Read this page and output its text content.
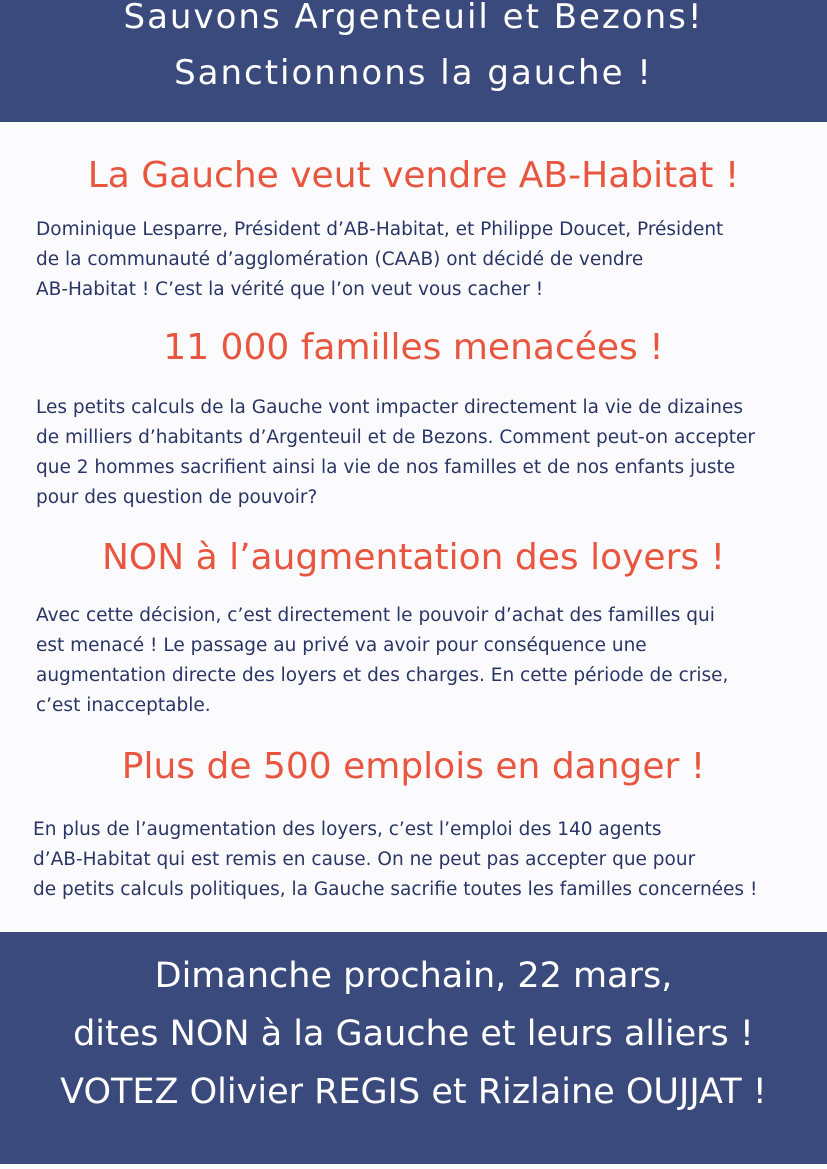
Sauvons Argenteuil et Bezons!
Sanctionnons la gauche !
La Gauche veut vendre AB-Habitat !
Dominique Lesparre, Président d’AB-Habitat, et Philippe Doucet, Président
de la communauté d’agglomération (CAAB) ont décidé de vendre
AB-Habitat ! C’est la vérité que l’on veut vous cacher !
11 000 familles menacées !
Les petits calculs de la Gauche vont impacter directement la vie de dizaines
de milliers d’habitants d’Argenteuil et de Bezons. Comment peut-on accepter
que 2 hommes sacrifient ainsi la vie de nos familles et de nos enfants juste
pour des question de pouvoir?
NON à l’augmentation des loyers !
Avec cette décision, c’est directement le pouvoir d’achat des familles qui
est menacé ! Le passage au privé va avoir pour conséquence une
augmentation directe des loyers et des charges. En cette période de crise,
c’est inacceptable.
Plus de 500 emplois en danger !
En plus de l’augmentation des loyers, c’est l’emploi des 140 agents
d’AB-Habitat qui est remis en cause. On ne peut pas accepter que pour
de petits calculs politiques, la Gauche sacrifie toutes les familles concernées !
Dimanche prochain, 22 mars,
dites NON à la Gauche et leurs alliers !
VOTEZ Olivier REGIS et Rizlaine OUJJAT !
